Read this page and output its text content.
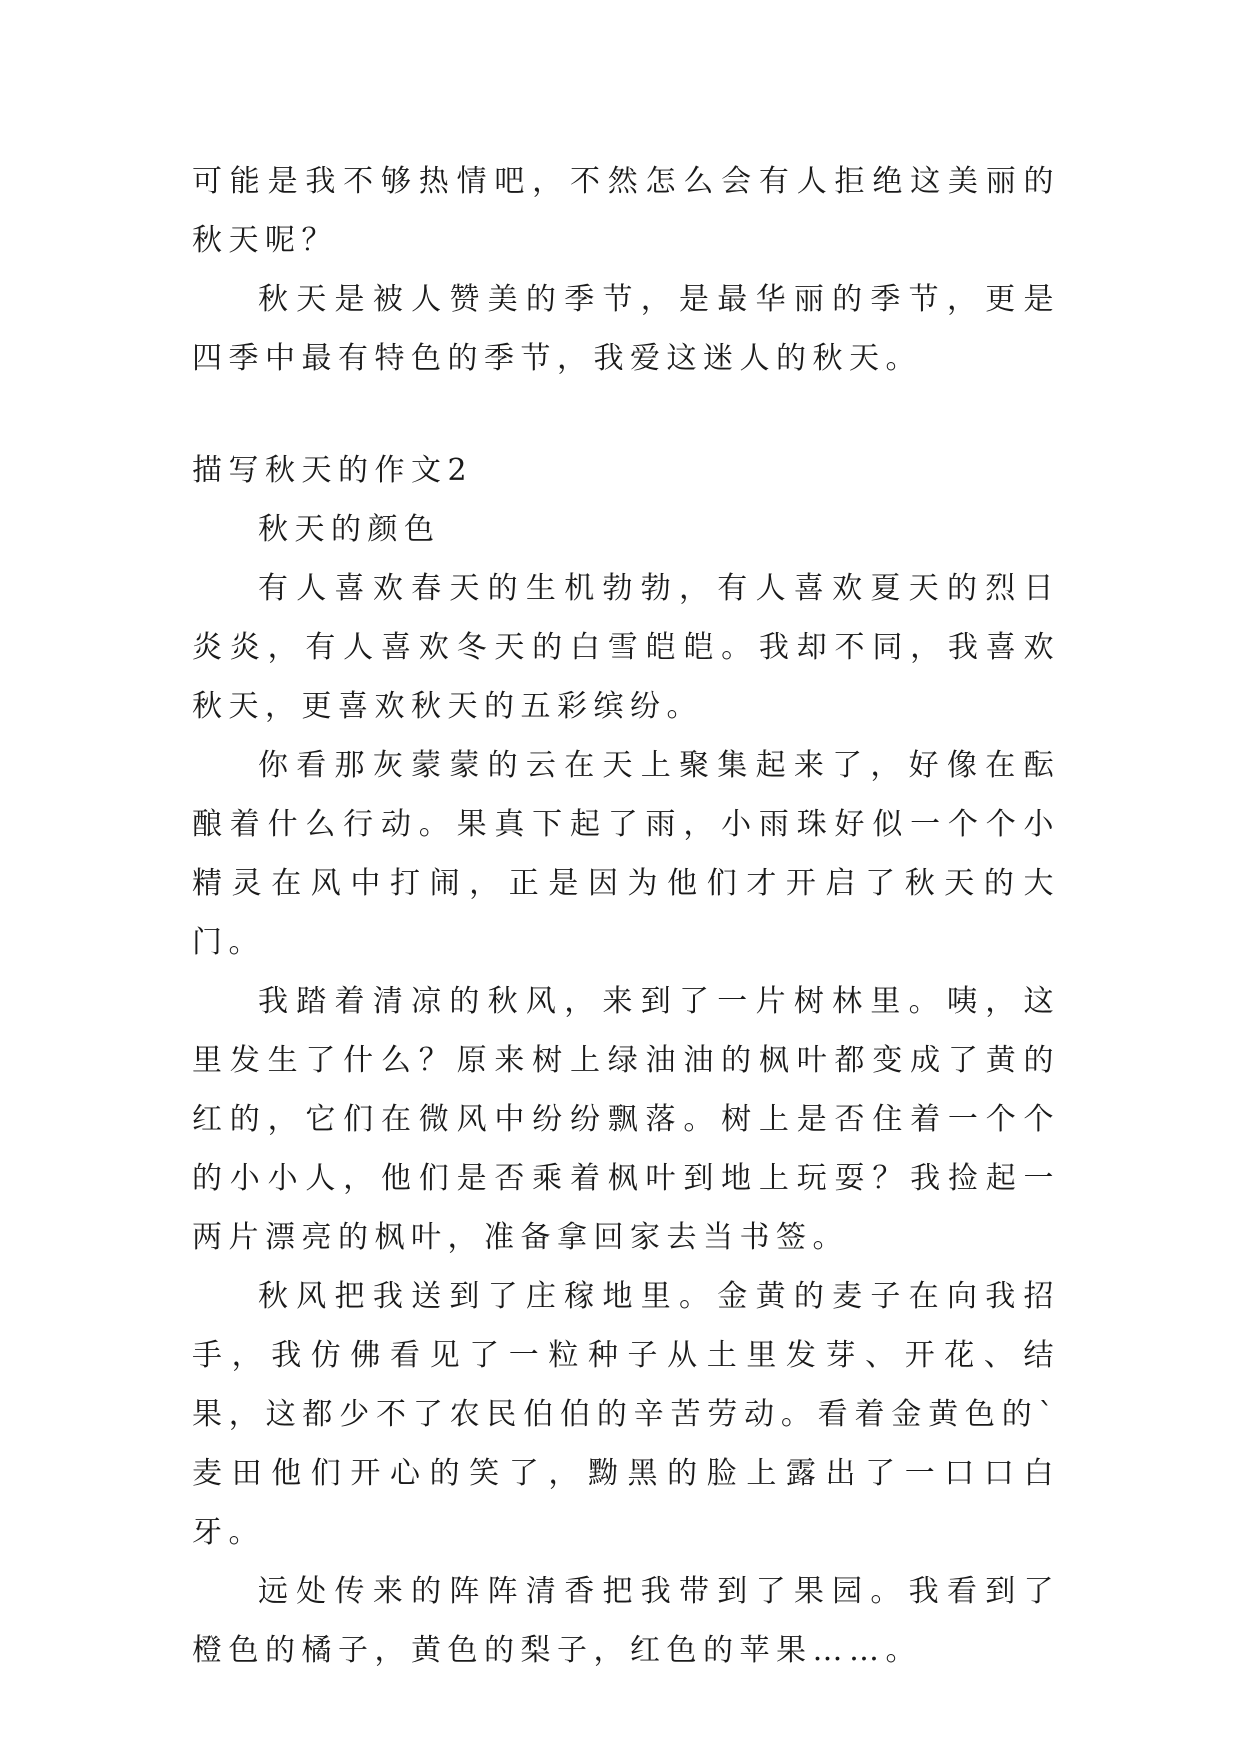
可能是我不够热情吧，不然怎么会有人拒绝这美丽的秋天呢？

秋天是被人赞美的季节，是最华丽的季节，更是四季中最有特色的季节，我爱这迷人的秋天。

描写秋天的作文2

秋天的颜色

有人喜欢春天的生机勃勃，有人喜欢夏天的烈日炎炎，有人喜欢冬天的白雪皑皑。我却不同，我喜欢秋天，更喜欢秋天的五彩缤纷。

你看那灰蒙蒙的云在天上聚集起来了，好像在酝酿着什么行动。果真下起了雨，小雨珠好似一个个小精灵在风中打闹，正是因为他们才开启了秋天的大门。

我踏着清凉的秋风，来到了一片树林里。咦，这里发生了什么？原来树上绿油油的枫叶都变成了黄的红的，它们在微风中纷纷飘落。树上是否住着一个个的小小人，他们是否乘着枫叶到地上玩耍？我捡起一两片漂亮的枫叶，准备拿回家去当书签。

秋风把我送到了庄稼地里。金黄的麦子在向我招手，我仿佛看见了一粒种子从土里发芽、开花、结果，这都少不了农民伯伯的辛苦劳动。看着金黄色的`麦田他们开心的笑了，黝黑的脸上露出了一口口白牙。

远处传来的阵阵清香把我带到了果园。我看到了橙色的橘子，黄色的梨子，红色的苹果……。
